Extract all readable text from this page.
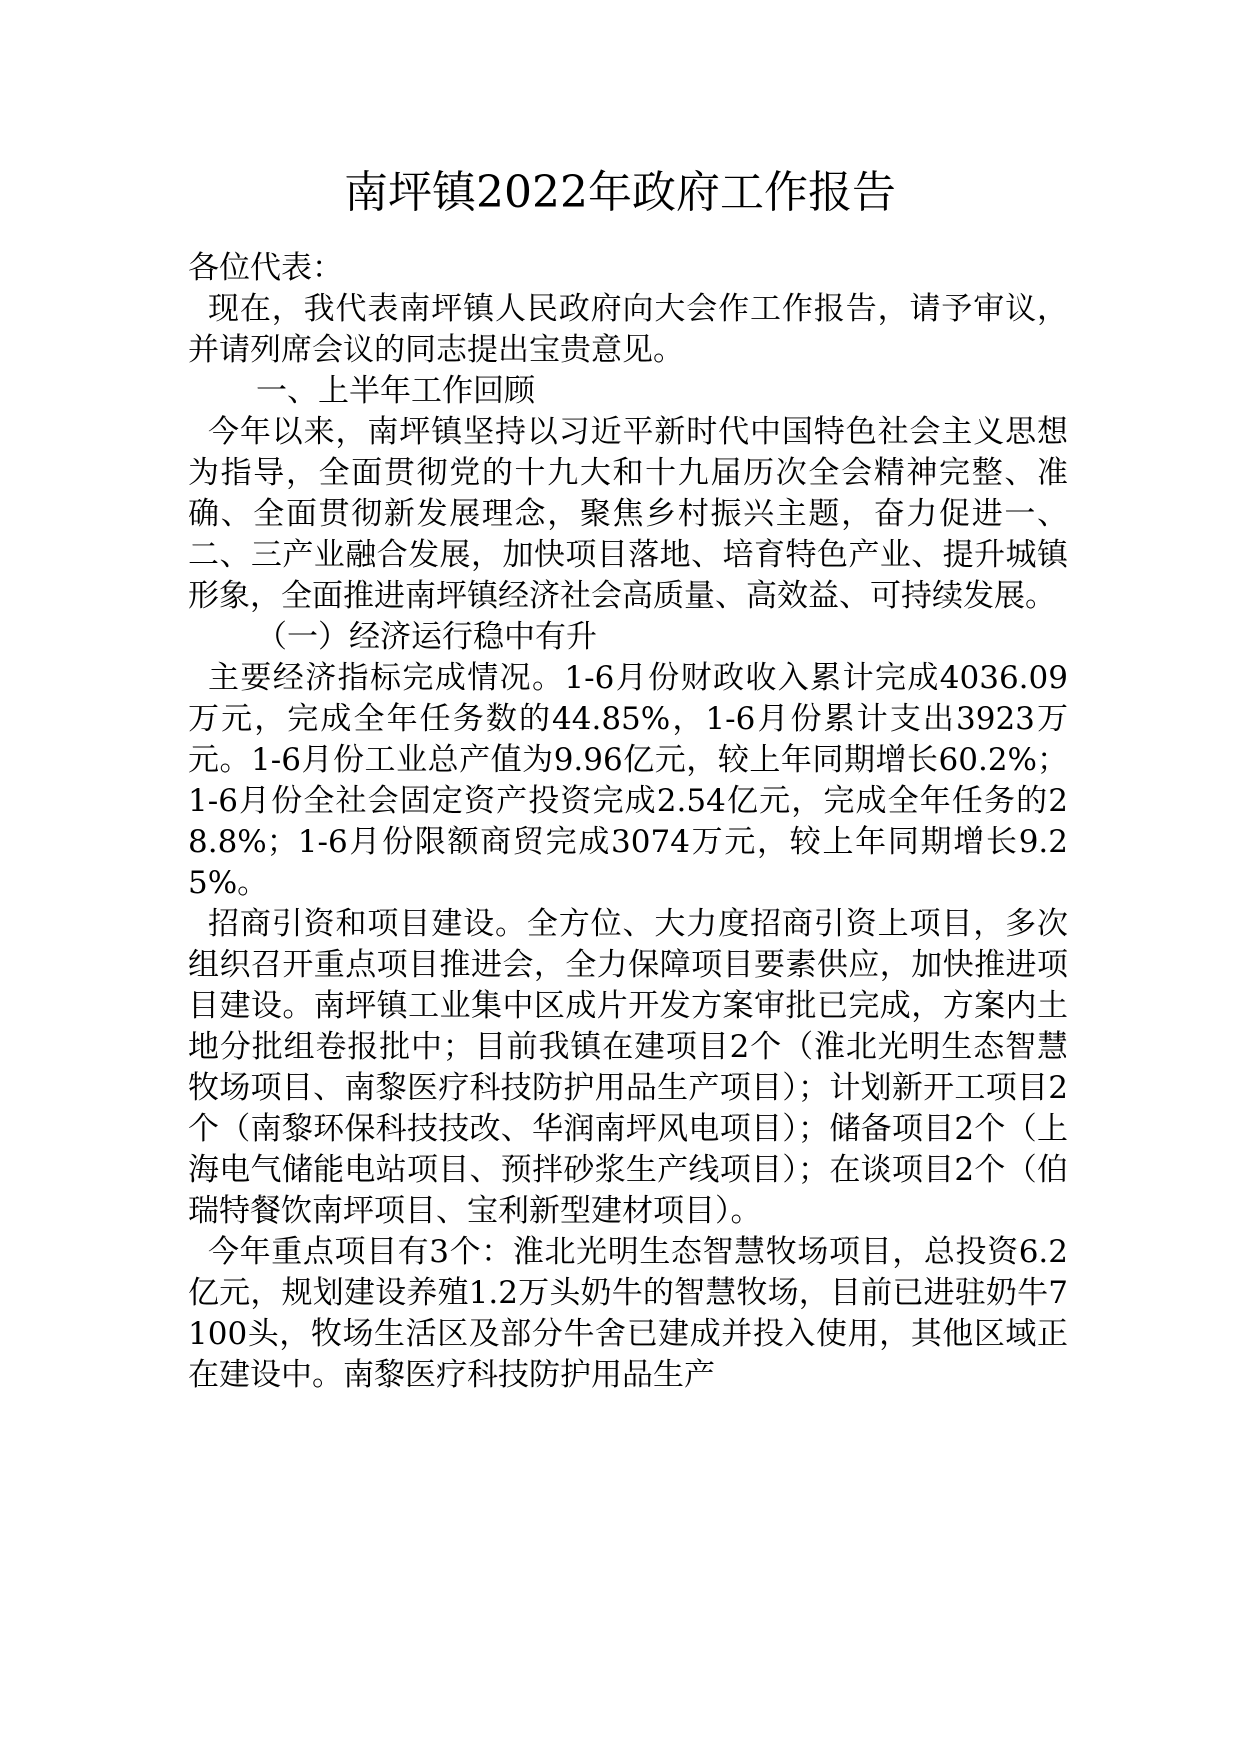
南坪镇2022年政府工作报告

各位代表：

现在，我代表南坪镇人民政府向大会作工作报告，请予审议，并请列席会议的同志提出宝贵意见。

一、上半年工作回顾

今年以来，南坪镇坚持以习近平新时代中国特色社会主义思想为指导，全面贯彻党的十九大和十九届历次全会精神完整、准确、全面贯彻新发展理念，聚焦乡村振兴主题，奋力促进一、二、三产业融合发展，加快项目落地、培育特色产业、提升城镇形象，全面推进南坪镇经济社会高质量、高效益、可持续发展。

（一）经济运行稳中有升

主要经济指标完成情况。1-6月份财政收入累计完成4036.09万元，完成全年任务数的44.85%，1-6月份累计支出3923万元。1-6月份工业总产值为9.96亿元，较上年同期增长60.2%；1-6月份全社会固定资产投资完成2.54亿元，完成全年任务的28.8%；1-6月份限额商贸完成3074万元，较上年同期增长9.25%。

招商引资和项目建设。全方位、大力度招商引资上项目，多次组织召开重点项目推进会，全力保障项目要素供应，加快推进项目建设。南坪镇工业集中区成片开发方案审批已完成，方案内土地分批组卷报批中；目前我镇在建项目2个（淮北光明生态智慧牧场项目、南黎医疗科技防护用品生产项目）；计划新开工项目2个（南黎环保科技技改、华润南坪风电项目）；储备项目2个（上海电气储能电站项目、预拌砂浆生产线项目）；在谈项目2个（伯瑞特餐饮南坪项目、宝利新型建材项目）。

今年重点项目有3个：淮北光明生态智慧牧场项目，总投资6.2亿元，规划建设养殖1.2万头奶牛的智慧牧场，目前已进驻奶牛7100头，牧场生活区及部分牛舍已建成并投入使用，其他区域正在建设中。南黎医疗科技防护用品生产
